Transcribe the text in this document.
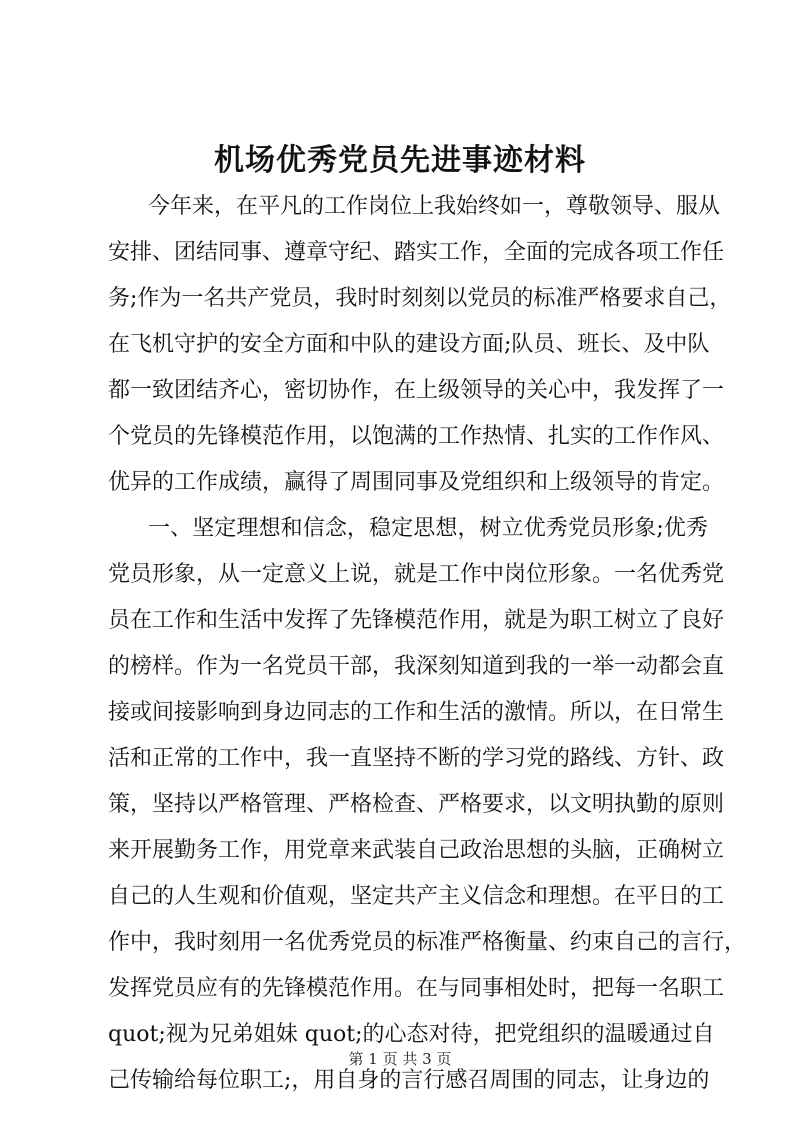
机场优秀党员先进事迹材料
今年来，在平凡的工作岗位上我始终如一，尊敬领导、服从
安排、团结同事、遵章守纪、踏实工作，全面的完成各项工作任
务;作为一名共产党员，我时时刻刻以党员的标准严格要求自己，
在飞机守护的安全方面和中队的建设方面;队员、班长、及中队
都一致团结齐心，密切协作，在上级领导的关心中，我发挥了一
个党员的先锋模范作用，以饱满的工作热情、扎实的工作作风、
优异的工作成绩，赢得了周围同事及党组织和上级领导的肯定。
一、坚定理想和信念，稳定思想，树立优秀党员形象;优秀
党员形象，从一定意义上说，就是工作中岗位形象。一名优秀党
员在工作和生活中发挥了先锋模范作用，就是为职工树立了良好
的榜样。作为一名党员干部，我深刻知道到我的一举一动都会直
接或间接影响到身边同志的工作和生活的激情。所以，在日常生
活和正常的工作中，我一直坚持不断的学习党的路线、方针、政
策，坚持以严格管理、严格检查、严格要求，以文明执勤的原则
来开展勤务工作，用党章来武装自己政治思想的头脑，正确树立
自己的人生观和价值观，坚定共产主义信念和理想。在平日的工
作中，我时刻用一名优秀党员的标准严格衡量、约束自己的言行，
发挥党员应有的先锋模范作用。在与同事相处时，把每一名职工
quot;视为兄弟姐妹 quot;的心态对待，把党组织的温暖通过自
己传输给每位职工;，用自身的言行感召周围的同志，让身边的
第 1 页 共 3 页
